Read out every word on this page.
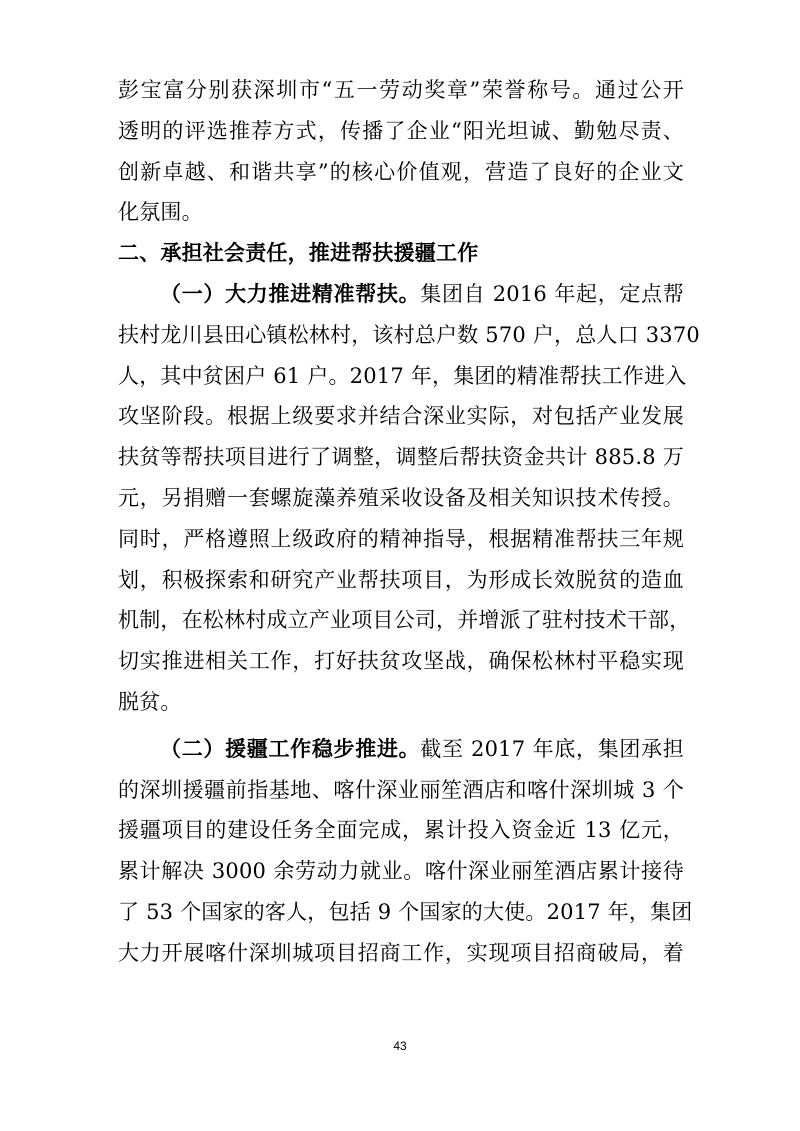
彭宝富分别获深圳市“五一劳动奖章”荣誉称号。通过公开
透明的评选推荐方式，传播了企业“阳光坦诚、勤勉尽责、
创新卓越、和谐共享”的核心价值观，营造了良好的企业文
化氛围。
二、承担社会责任，推进帮扶援疆工作
（一）大力推进精准帮扶。集团自 2016 年起，定点帮
扶村龙川县田心镇松林村，该村总户数 570 户，总人口 3370
人，其中贫困户 61 户。2017 年，集团的精准帮扶工作进入
攻坚阶段。根据上级要求并结合深业实际，对包括产业发展
扶贫等帮扶项目进行了调整，调整后帮扶资金共计 885.8 万
元，另捐赠一套螺旋藻养殖采收设备及相关知识技术传授。
同时，严格遵照上级政府的精神指导，根据精准帮扶三年规
划，积极探索和研究产业帮扶项目，为形成长效脱贫的造血
机制，在松林村成立产业项目公司，并增派了驻村技术干部，
切实推进相关工作，打好扶贫攻坚战，确保松林村平稳实现
脱贫。
（二）援疆工作稳步推进。截至 2017 年底，集团承担
的深圳援疆前指基地、喀什深业丽笙酒店和喀什深圳城 3 个
援疆项目的建设任务全面完成，累计投入资金近 13 亿元，
累计解决 3000 余劳动力就业。喀什深业丽笙酒店累计接待
了 53 个国家的客人，包括 9 个国家的大使。2017 年，集团
大力开展喀什深圳城项目招商工作，实现项目招商破局，着
43
